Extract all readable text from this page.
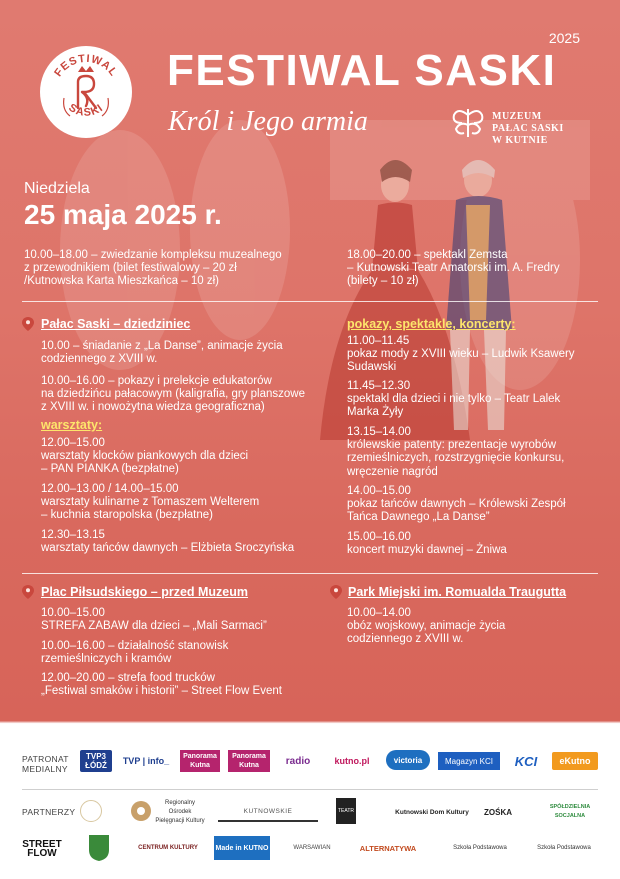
FESTIWAL
SASKI
2025
FESTIWAL SASKI
Król i Jego armia	MUZEUM
PAŁAC SASKI
W KUTNIE
Niedziela
25 maja 2025 r.
10.00–18.00 – zwiedzanie kompleksu muzealnego
z przewodnikiem (bilet festiwalowy – 20 zł
/Kutnowska Karta Mieszkańca – 10 zł)
18.00–20.00 – spektakl Zemsta
– Kutnowski Teatr Amatorski im. A. Fredry
(bilety – 10 zł)
Pałac Saski – dziedziniec
10.00 – śniadanie z „La Danse”, animacje życia
codziennego z XVIII w.
10.00–16.00 – pokazy i prelekcje edukatorów
na dziedzińcu pałacowym (kaligrafia, gry planszowe
z XVIII w. i nowożytna wiedza geograficzna)
warsztaty:
12.00–15.00
warsztaty klocków piankowych dla dzieci
– PAN PIANKA (bezpłatne)
12.00–13.00 / 14.00–15.00
warsztaty kulinarne z Tomaszem Welterem
– kuchnia staropolska (bezpłatne)
12.30–13.15
warsztaty tańców dawnych – Elżbieta Sroczyńska
pokazy, spektakle, koncerty:
11.00–11.45
pokaz mody z XVIII wieku – Ludwik Ksawery
Sudawski
11.45–12.30
spektakl dla dzieci i nie tylko – Teatr Lalek
Marka Żyły
13.15–14.00
królewskie patenty: prezentacje wyrobów
rzemieślniczych, rozstrzygnięcie konkursu,
wręczenie nagród
14.00–15.00
pokaz tańców dawnych – Królewski Zespół
Tańca Dawnego „La Danse”
15.00–16.00
koncert muzyki dawnej – Żniwa
Plac Piłsudskiego – przed Muzeum
10.00–15.00
STREFA ZABAW dla dzieci – „Mali Sarmaci”
10.00–16.00 – działalność stanowisk
rzemieślniczych i kramów
12.00–20.00 – strefa food trucków
„Festiwal smaków i historii” – Street Flow Event
Park Miejski im. Romualda Traugutta
10.00–14.00
obóz wojskowy, animacje życia
codziennego z XVIII w.
PATRONAT
MEDIALNY
TVP3 ŁÓDŹ	TVP | info_	Panorama Kutna
Panorama Kutna	radio	kutno.pl	victoria	Magazyn KCI	KCI	eKutno
PARTNERZY
Regionalny Ośrodek Pielęgnacji Kultury
KUTNOWSKIE	TEATR	Kutnowski Dom Kultury	ZOŚKA
SPÓŁDZIELNIA SOCJALNA
STREET FLOW
CENTRUM KULTURY	Made in KUTNO	WARSAWIAN	ALTERNATYWA	Szkoła Podstawowa	Szkoła Podstawowa
